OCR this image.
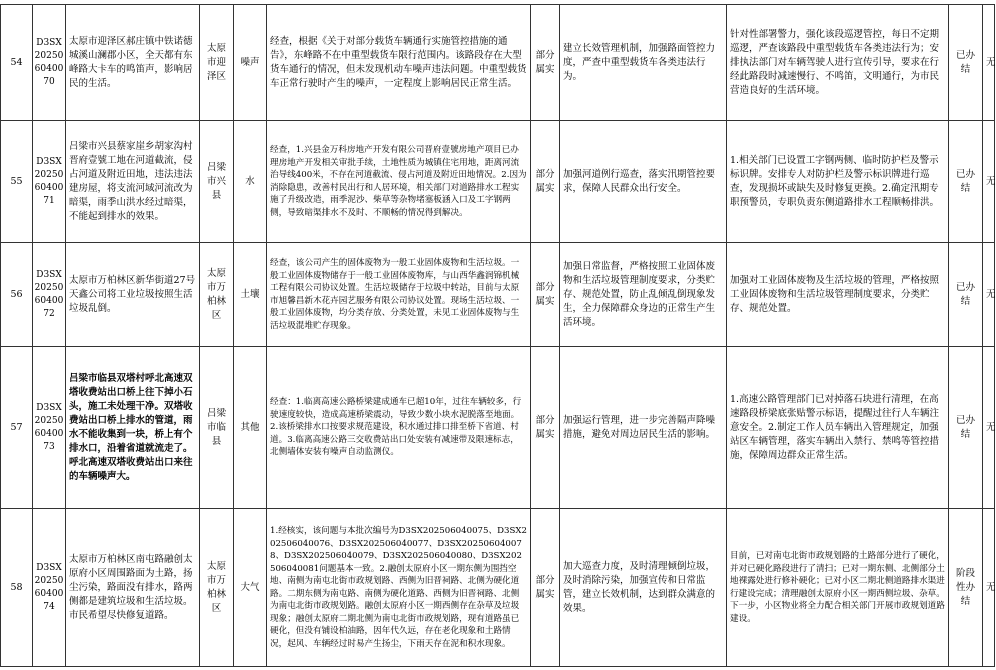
54	D3SX202506040070	太原市迎泽区郝庄镇中铁诺德城溪山澜郡小区，全天都有东峰路大卡车的鸣笛声，影响居民的生活。	太原市迎泽区	噪声	经查，根据《关于对部分载货车辆通行实施管控措施的通告》，东峰路不在中重型载货车限行范围内。该路段存在大型货车通行的情况，但未发现机动车噪声违法问题。中重型载货车正常行驶时产生的噪声，一定程度上影响居民正常生活。	部分属实	建立长效管理机制，加强路面管控力度，严查中重型载货车各类违法行为。	针对性部署警力，强化该段巡逻管控，每日不定期巡逻，严查该路段中重型载货车各类违法行为；安排执法部门对车辆驾驶人进行宣传引导，要求在行经此路段时减速慢行、不鸣笛，文明通行，为市民营造良好的生活环境。	已办结	无
55	D3SX202506040071	吕梁市兴县蔡家崖乡胡家沟村晋府壹號工地在河道截流，侵占河道及附近田地，违法违法建房屋，将支流河域河流改为暗渠，雨季山洪水经过暗渠，不能起到排水的效果。	吕梁市兴县	水	经查，1.兴县金万科房地产开发有限公司晋府壹號房地产项目已办理房地产开发相关审批手续，土地性质为城镇住宅用地，距离河流治导线400米，不存在河道截流、侵占河道及附近田地情况。2.因为消除隐患，改善村民出行和人居环境，相关部门对道路排水工程实施了升级改造，雨季泥沙、柴草等杂物堵塞板涵入口及工字钢两侧，导致暗渠排水不及时、不顺畅的情况得到解决。	部分属实	加强河道例行巡查，落实汛期管控要求，保障人民群众出行安全。	1.相关部门已设置工字钢两侧、临时防护栏及警示标识牌。安排专人对防护栏及警示标识牌进行巡查，发现损坏或缺失及时修复更换。2.确定汛期专职预警员，专职负责东侧道路排水工程顺畅排洪。	已办结	无
56	D3SX202506040072	太原市万柏林区新华街道27号天鑫公司将工业垃圾按照生活垃圾乱倒。	太原市万柏林区	土壤	经查，该公司产生的固体废物为一般工业固体废物和生活垃圾。一般工业固体废物储存于一般工业固体废物库，与山西华鑫润锦机械工程有限公司协议处置。生活垃圾储存于垃圾中转站，目前与太原市旭馨昌新木花卉园艺服务有限公司协议处置。现场生活垃圾、一般工业固体废物，均分类存放、分类处置，未见工业固体废物与生活垃圾混堆贮存现象。	部分属实	加强日常监督，严格按照工业固体废物和生活垃圾管理制度要求，分类贮存、规范处置，防止乱倾乱倒现象发生，全力保障群众身边的正常生产生活环境。	加强对工业固体废物及生活垃圾的管理，严格按照工业固体废物和生活垃圾管理制度要求，分类贮存、规范处置。	已办结	无
57	D3SX202506040073	吕梁市临县双塔村呼北高速双塔收费站出口桥上往下掉小石头，施工未处理干净。双塔收费站出口桥上排水的管道，雨水不能收集到一块，桥上有个排水口，沿着省道就流走了。呼北高速双塔收费站出口来往的车辆噪声大。	吕梁市临县	其他	经查：1.临离高速公路桥梁建成通车已超10年，过往车辆较多，行驶速度较快，造成高速桥梁震动，导致少数小块水泥脱落至地面。2.该桥梁排水口按要求规范建设，积水通过排口排至桥下省道、村道。3.临离高速公路三交收费站出口处安装有减速带及限速标志，北侧墙体安装有噪声自动监测仪。	部分属实	加强运行管理，进一步完善隔声降噪措施，避免对周边居民生活的影响。	1.高速公路管理部门已对掉落石块进行清理，在高速路段桥梁底张贴警示标语，提醒过往行人车辆注意安全。2.制定工作人员车辆出入管理规定，加强站区车辆管理，落实车辆出入禁行、禁鸣等管控措施，保障周边群众正常生活。	已办结	无
58	D3SX202506040074	太原市万柏林区南屯路融创太原府小区周围路面为土路，扬尘污染，路面没有排水，路两侧都是建筑垃圾和生活垃圾。市民希望尽快修复道路。	太原市万柏林区	大气	1.经核实，该问题与本批次编号为D3SX202506040075、D3SX202506040076、D3SX202506040077、D3SX202506040078、D3SX202506040079、D3SX202506040080、D3SX202506040081问题基本一致。2.融创太原府小区一期东侧为围挡空地、南侧为南屯北街市政规划路、西侧为旧晋祠路、北侧为硬化道路。二期东侧为南屯路、南侧为硬化道路、西侧为旧晋祠路、北侧为南屯北街市政规划路。融创太原府小区一期西侧存在杂草及垃圾现象；融创太原府二期北侧为南屯北街市政规划路，现有道路虽已硬化，但没有铺设柏油路，因年代久远，存在老化现象和土路情况，起风、车辆经过时易产生扬尘，下雨天存在泥和积水现象。	部分属实	加大巡查力度，及时清理倾倒垃圾，及时消除污染，加强宣传和日常监管，建立长效机制，达到群众满意的效果。	目前，已对南屯北街市政规划路的土路部分进行了硬化，并对已硬化路段进行了清扫；已对一期东侧、北侧部分土地裸露处进行修补硬化；已对小区二期北侧道路排水渠进行建设完成；清理融创太原府小区一期西侧垃圾、杂草。下一步，小区物业将全力配合相关部门开展市政规划道路建设。	阶段性办结	无
